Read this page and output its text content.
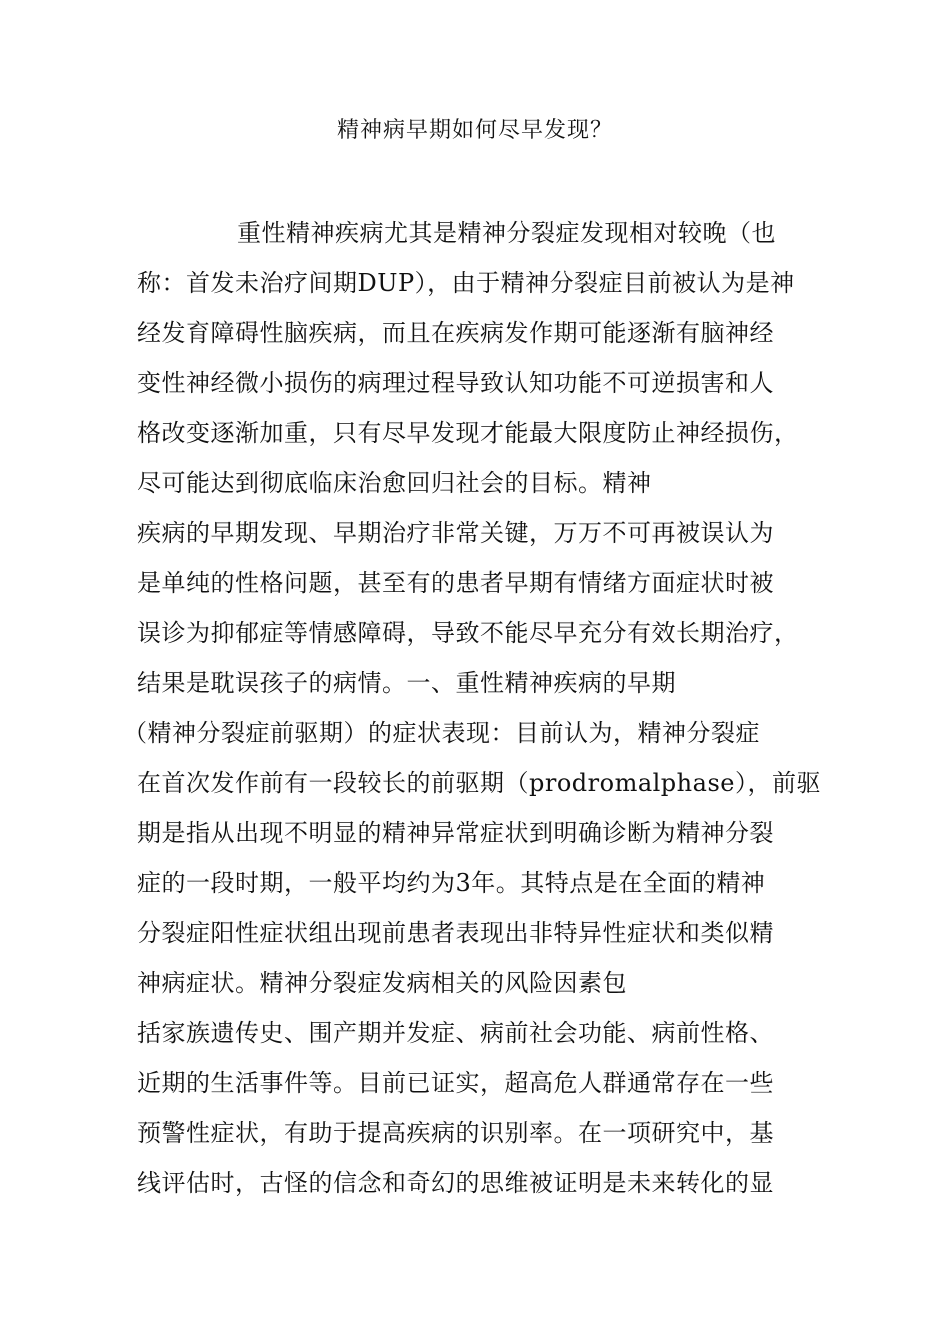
精神病早期如何尽早发现？
重性精神疾病尤其是精神分裂症发现相对较晚（也
称：首发未治疗间期DUP），由于精神分裂症目前被认为是神
经发育障碍性脑疾病，而且在疾病发作期可能逐渐有脑神经
变性神经微小损伤的病理过程导致认知功能不可逆损害和人
格改变逐渐加重，只有尽早发现才能最大限度防止神经损伤，
尽可能达到彻底临床治愈回归社会的目标。精神
疾病的早期发现、早期治疗非常关键，万万不可再被误认为
是单纯的性格问题，甚至有的患者早期有情绪方面症状时被
误诊为抑郁症等情感障碍，导致不能尽早充分有效长期治疗，
结果是耽误孩子的病情。一、重性精神疾病的早期
（精神分裂症前驱期）的症状表现：目前认为，精神分裂症
在首次发作前有一段较长的前驱期（prodromalphase），前驱
期是指从出现不明显的精神异常症状到明确诊断为精神分裂
症的一段时期，一般平均约为3年。其特点是在全面的精神
分裂症阳性症状组出现前患者表现出非特异性症状和类似精
神病症状。精神分裂症发病相关的风险因素包
括家族遗传史、围产期并发症、病前社会功能、病前性格、
近期的生活事件等。目前已证实，超高危人群通常存在一些
预警性症状，有助于提高疾病的识别率。在一项研究中，基
线评估时，古怪的信念和奇幻的思维被证明是未来转化的显
